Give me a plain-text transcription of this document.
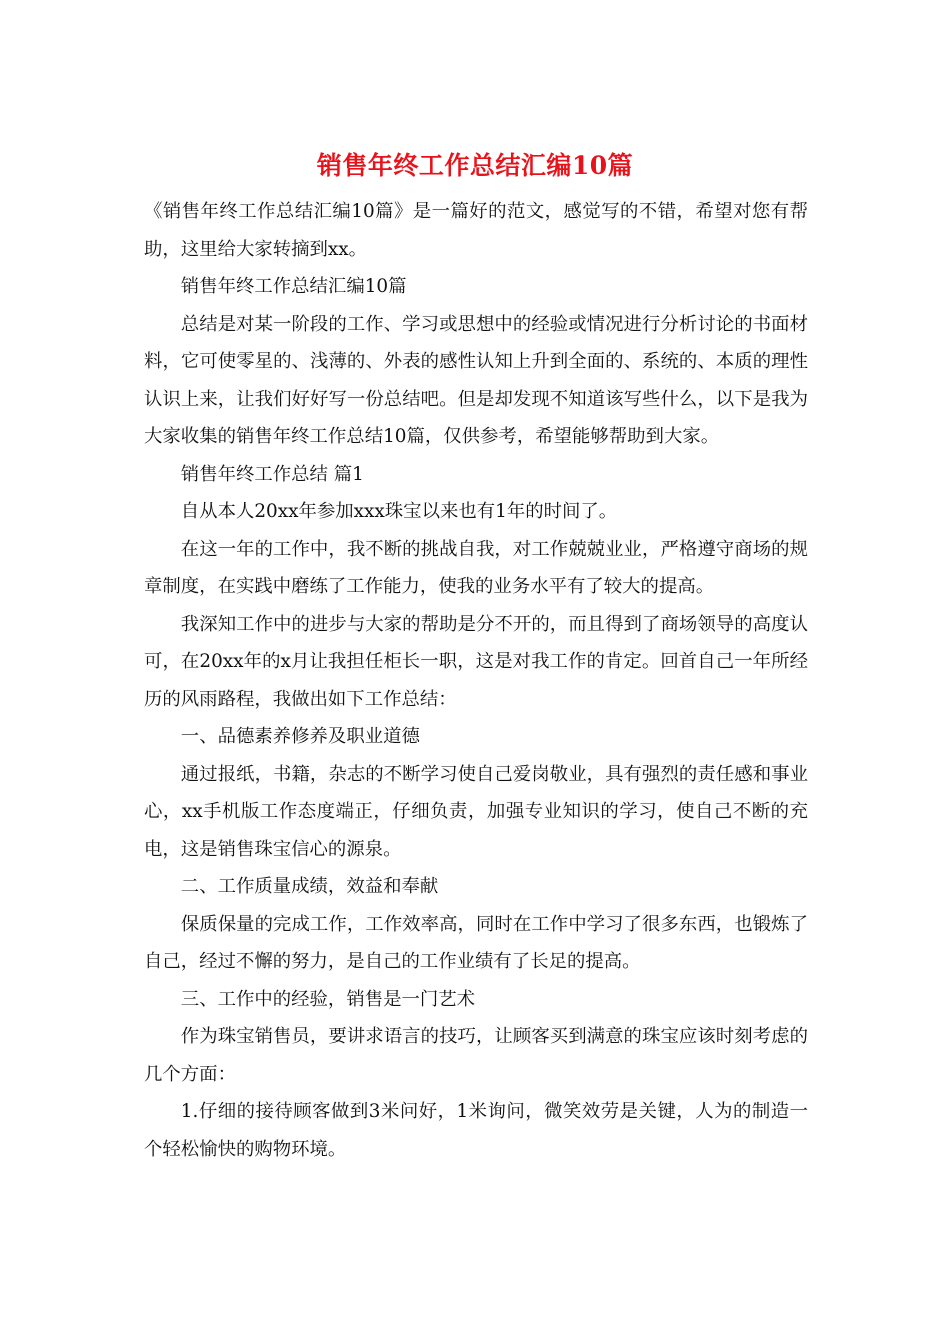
销售年终工作总结汇编10篇

《销售年终工作总结汇编10篇》是一篇好的范文，感觉写的不错，希望对您有帮助，这里给大家转摘到xx。

销售年终工作总结汇编10篇

总结是对某一阶段的工作、学习或思想中的经验或情况进行分析讨论的书面材料，它可使零星的、浅薄的、外表的感性认知上升到全面的、系统的、本质的理性认识上来，让我们好好写一份总结吧。但是却发现不知道该写些什么，以下是我为大家收集的销售年终工作总结10篇，仅供参考，希望能够帮助到大家。

销售年终工作总结 篇1

自从本人20xx年参加xxx珠宝以来也有1年的时间了。

在这一年的工作中，我不断的挑战自我，对工作兢兢业业，严格遵守商场的规章制度，在实践中磨练了工作能力，使我的业务水平有了较大的提高。

我深知工作中的进步与大家的帮助是分不开的，而且得到了商场领导的高度认可，在20xx年的x月让我担任柜长一职，这是对我工作的肯定。回首自己一年所经历的风雨路程，我做出如下工作总结：

一、品德素养修养及职业道德

通过报纸，书籍，杂志的不断学习使自己爱岗敬业，具有强烈的责任感和事业心，xx手机版工作态度端正，仔细负责，加强专业知识的学习，使自己不断的充电，这是销售珠宝信心的源泉。

二、工作质量成绩，效益和奉献

保质保量的完成工作，工作效率高，同时在工作中学习了很多东西，也锻炼了自己，经过不懈的努力，是自己的工作业绩有了长足的提高。

三、工作中的经验，销售是一门艺术

作为珠宝销售员，要讲求语言的技巧，让顾客买到满意的珠宝应该时刻考虑的几个方面：

1.仔细的接待顾客做到3米问好，1米询问，微笑效劳是关键，人为的制造一个轻松愉快的购物环境。
